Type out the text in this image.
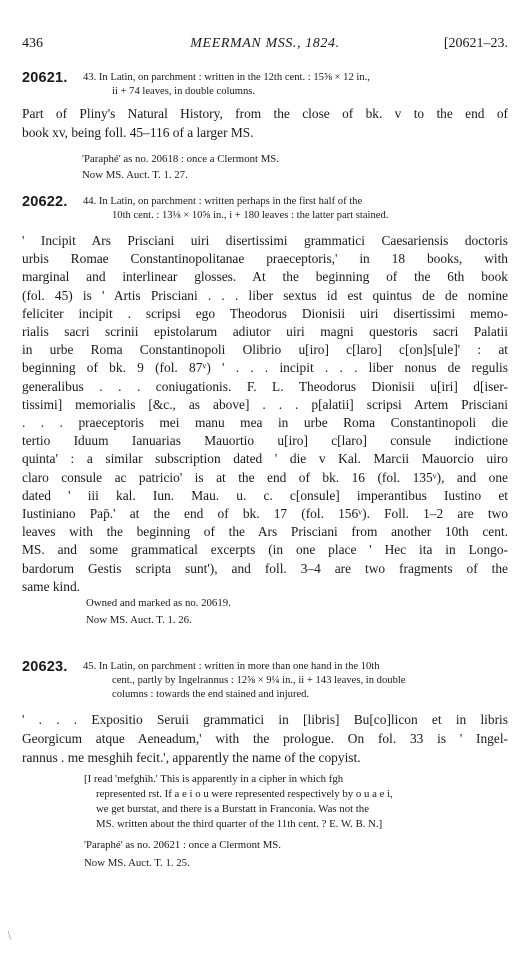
436	MEERMAN MSS., 1824.	[20621–23.
20621. 43. In Latin, on parchment : written in the 12th cent. : 15⅝ × 12 in.,
ii + 74 leaves, in double columns.
Part of Pliny's Natural History, from the close of bk. v to the end of
book xv, being foll. 45–116 of a larger MS.
'Paraphé' as no. 20618 : once a Clermont MS.
Now MS. Auct. T. 1. 27.
20622. 44. In Latin, on parchment : written perhaps in the first half of the
10th cent. : 13⅛ × 10⅝ in., i + 180 leaves : the latter part stained.
' Incipit Ars Prisciani uiri disertissimi grammatici Caesariensis doctoris
urbis Romae Constantinopolitanae praeceptoris,' in 18 books, with
marginal and interlinear glosses. At the beginning of the 6th book
(fol. 45) is ' Artis Prisciani . . . liber sextus id est quintus de de nomine
feliciter incipit . scripsi ego Theodorus Dionisii uiri disertissimi memo-
rialis sacri scrinii epistolarum adiutor uiri magni questoris sacri Palatii
in urbe Roma Constantinopoli Olibrio u[iro] c[laro] c[on]s[ule]' : at
beginning of bk. 9 (fol. 87ᵛ) ' . . . incipit . . . liber nonus de regulis
generalibus . . . coniugationis. F. L. Theodorus Dionisii u[iri] d[iser-
tissimi] memorialis [&c., as above] . . . p[alatii] scripsi Artem Prisciani
. . . praeceptoris mei manu mea in urbe Roma Constantinopoli die
tertio Iduum Ianuarias Mauortio u[iro] c[laro] consule indictione
quinta' : a similar subscription dated ' die v Kal. Marcii Mauorcio uiro
claro consule ac patricio' is at the end of bk. 16 (fol. 135ᵛ), and one
dated ' iii kal. Iun. Mau. u. c. c[onsule] imperantibus Iustino et
Iustiniano Pap̄.' at the end of bk. 17 (fol. 156ᵛ). Foll. 1–2 are two
leaves with the beginning of the Ars Prisciani from another 10th cent.
MS. and some grammatical excerpts (in one place ' Hec ita in Longo-
bardorum Gestis scripta sunt'), and foll. 3–4 are two fragments of the
same kind.
Owned and marked as no. 20619.
Now MS. Auct. T. 1. 26.
20623. 45. In Latin, on parchment : written in more than one hand in the 10th
cent., partly by Ingelrannus : 12⅝ × 9¼ in., ii + 143 leaves, in double
columns : towards the end stained and injured.
' . . . Expositio Seruii grammatici in [libris] Bu[co]licon et in libris
Georgicum atque Aeneadum,' with the prologue. On fol. 33 is ' Ingel-
rannus . me mesghih fecit.', apparently the name of the copyist.
[I read 'mefghih.' This is apparently in a cipher in which fgh
represented rst. If a e i o u were represented respectively by o u a e i,
we get burstat, and there is a Burstatt in Franconia. Was not the
MS. written about the third quarter of the 11th cent. ? E. W. B. N.]
'Paraphé' as no. 20621 : once a Clermont MS.
Now MS. Auct. T. 1. 25.
/
